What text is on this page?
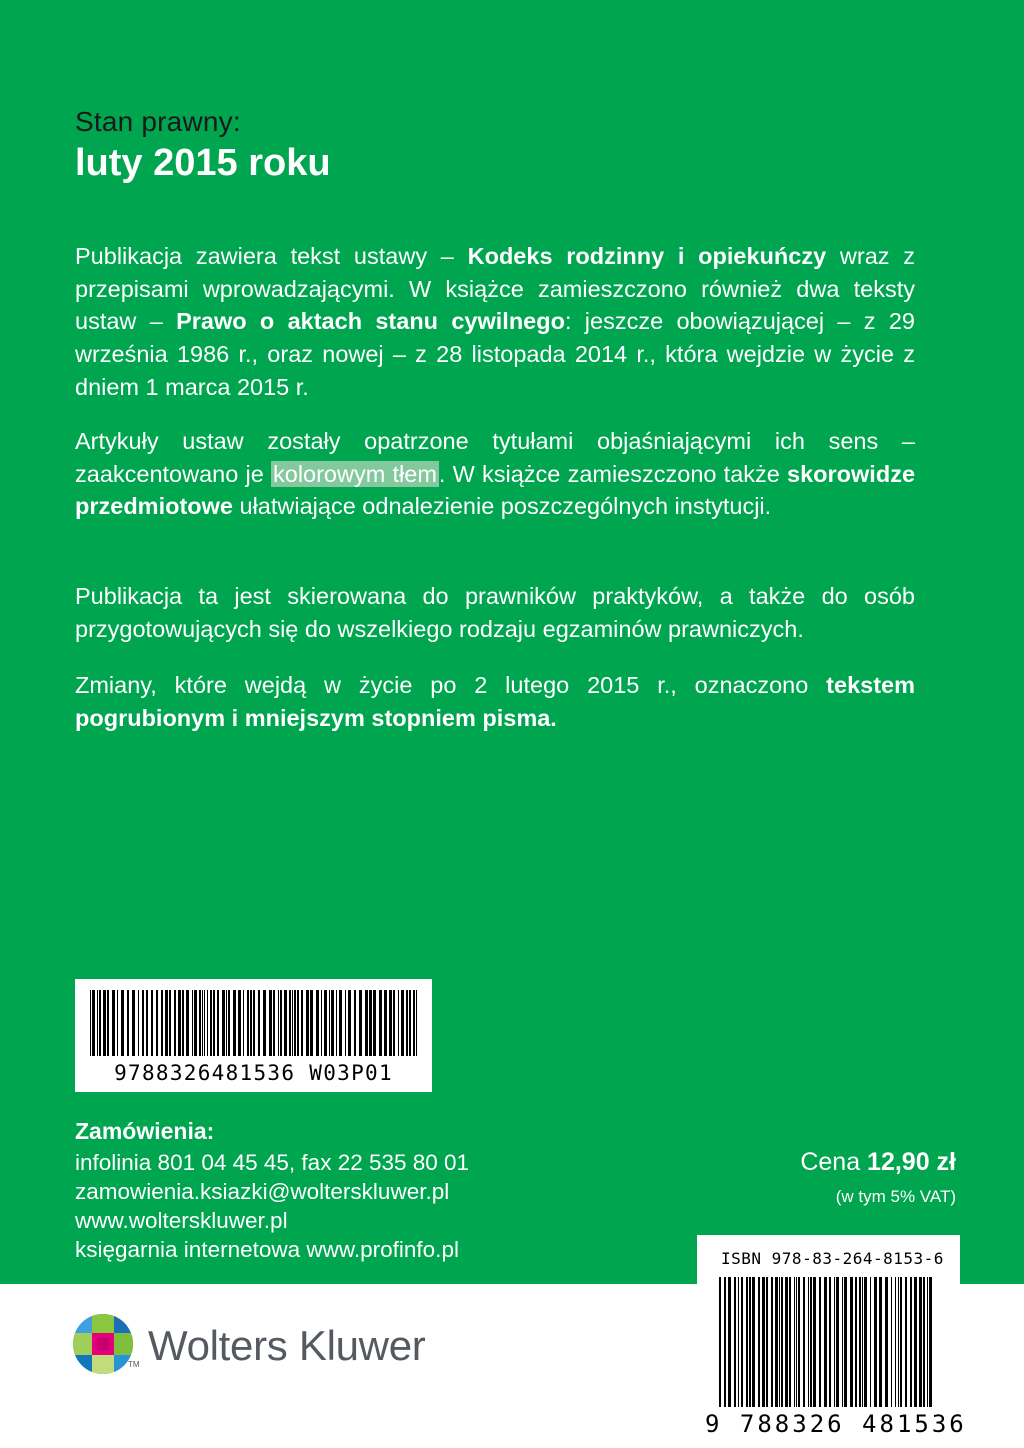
Stan prawny:
luty 2015 roku
Publikacja zawiera tekst ustawy – Kodeks rodzinny i opiekuńczy wraz z przepisami wprowadzającymi. W książce zamieszczono również dwa teksty ustaw – Prawo o aktach stanu cywilnego: jeszcze obowiązującej – z 29 września 1986 r., oraz nowej – z 28 listopada 2014 r., która wejdzie w życie z dniem 1 marca 2015 r.
Artykuły ustaw zostały opatrzone tytułami objaśniającymi ich sens – zaakcentowano je kolorowym tłem. W książce zamieszczono także skorowidze przedmiotowe ułatwiające odnalezienie poszczególnych instytucji.
Publikacja ta jest skierowana do prawników praktyków, a także do osób przygotowujących się do wszelkiego rodzaju egzaminów prawniczych.
Zmiany, które wejdą w życie po 2 lutego 2015 r., oznaczono tekstem pogrubionym i mniejszym stopniem pisma.
9788326481536 W03P01
Zamówienia:
infolinia 801 04 45 45, fax 22 535 80 01
zamowienia.ksiazki@wolterskluwer.pl
www.wolterskluwer.pl
księgarnia internetowa www.profinfo.pl
Cena 12,90 zł
(w tym 5% VAT)
ISBN 978-83-264-8153-6
9 788326 481536
TM Wolters Kluwer
